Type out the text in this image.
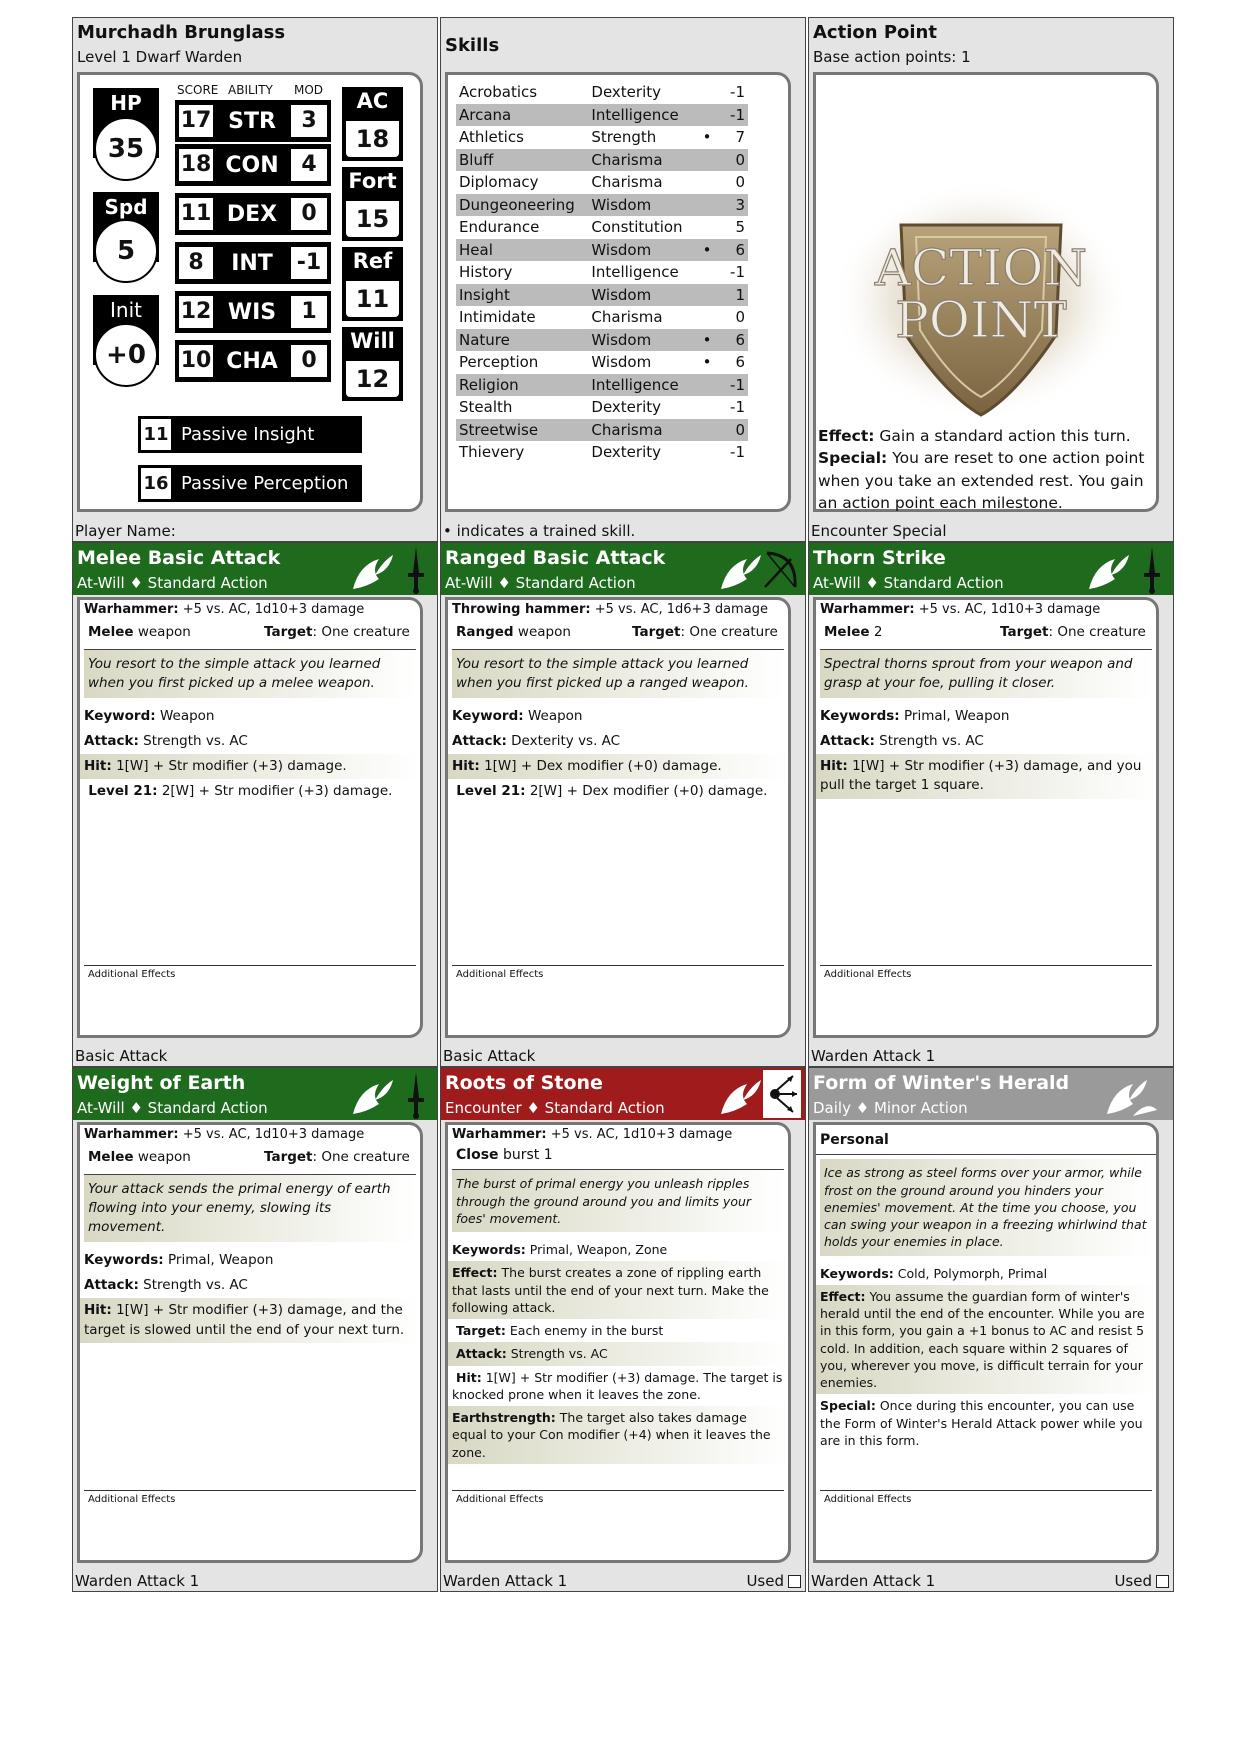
Murchadh Brunglass
Level 1 Dwarf Warden
HP
35
Spd
5
Init
+0
SCORE ABILITY MOD
17 STR	3
18 CON	4
11 DEX	0
8	INT	-1
12 WIS	1
10 CHA	0
AC
18
Fort
15
Ref
11
Will
12
11 Passive Insight
16 Passive Perception
Player Name:
Skills
Acrobatics	Dexterity		-1
Arcana	Intelligence		-1
Athletics	Strength	•	7
Bluff	Charisma		0
Diplomacy	Charisma		0
Dungeoneering	Wisdom		3
Endurance	Constitution		5
Heal	Wisdom	•	6
History	Intelligence		-1
Insight	Wisdom		1
Intimidate	Charisma		0
Nature	Wisdom	•	6
Perception	Wisdom	•	6
Religion	Intelligence		-1
Stealth	Dexterity		-1
Streetwise	Charisma		0
Thievery	Dexterity		-1
• indicates a trained skill.
Action Point
Base action points: 1
ACTION
POINT
Effect: Gain a standard action this turn.
Special: You are reset to one action point when you take an extended rest. You gain an action point each milestone.
Encounter Special
Melee Basic Attack
At-Will ♦ Standard Action
Warhammer: +5 vs. AC, 1d10+3 damage
Melee weapon	Target: One creature
You resort to the simple attack you learned when you first picked up a melee weapon.
Keyword: Weapon
Attack: Strength vs. AC
Hit: 1[W] + Str modifier (+3) damage.
Level 21: 2[W] + Str modifier (+3) damage.
Additional Effects
Basic Attack
Ranged Basic Attack
At-Will ♦ Standard Action
Throwing hammer: +5 vs. AC, 1d6+3 damage
Ranged weapon	Target: One creature
You resort to the simple attack you learned when you first picked up a ranged weapon.
Keyword: Weapon
Attack: Dexterity vs. AC
Hit: 1[W] + Dex modifier (+0) damage.
Level 21: 2[W] + Dex modifier (+0) damage.
Additional Effects
Basic Attack
Thorn Strike
At-Will ♦ Standard Action
Warhammer: +5 vs. AC, 1d10+3 damage
Melee 2	Target: One creature
Spectral thorns sprout from your weapon and grasp at your foe, pulling it closer.
Keywords: Primal, Weapon
Attack: Strength vs. AC
Hit: 1[W] + Str modifier (+3) damage, and you pull the target 1 square.
Additional Effects
Warden Attack 1
Weight of Earth
At-Will ♦ Standard Action
Warhammer: +5 vs. AC, 1d10+3 damage
Melee weapon	Target: One creature
Your attack sends the primal energy of earth flowing into your enemy, slowing its movement.
Keywords: Primal, Weapon
Attack: Strength vs. AC
Hit: 1[W] + Str modifier (+3) damage, and the target is slowed until the end of your next turn.
Additional Effects
Warden Attack 1
Roots of Stone
Encounter ♦ Standard Action
Warhammer: +5 vs. AC, 1d10+3 damage
Close burst 1
The burst of primal energy you unleash ripples through the ground around you and limits your foes' movement.
Keywords: Primal, Weapon, Zone
Effect: The burst creates a zone of rippling earth that lasts until the end of your next turn. Make the following attack.
Target: Each enemy in the burst
Attack: Strength vs. AC
Hit: 1[W] + Str modifier (+3) damage. The target is knocked prone when it leaves the zone.
Earthstrength: The target also takes damage equal to your Con modifier (+4) when it leaves the zone.
Additional Effects
Warden Attack 1	Used
Form of Winter's Herald
Daily ♦ Minor Action
Personal
Ice as strong as steel forms over your armor, while frost on the ground around you hinders your enemies' movement. At the time you choose, you can swing your weapon in a freezing whirlwind that holds your enemies in place.
Keywords: Cold, Polymorph, Primal
Effect: You assume the guardian form of winter's herald until the end of the encounter. While you are in this form, you gain a +1 bonus to AC and resist 5 cold. In addition, each square within 2 squares of you, wherever you move, is difficult terrain for your enemies.
Special: Once during this encounter, you can use the Form of Winter's Herald Attack power while you are in this form.
Additional Effects
Warden Attack 1	Used
